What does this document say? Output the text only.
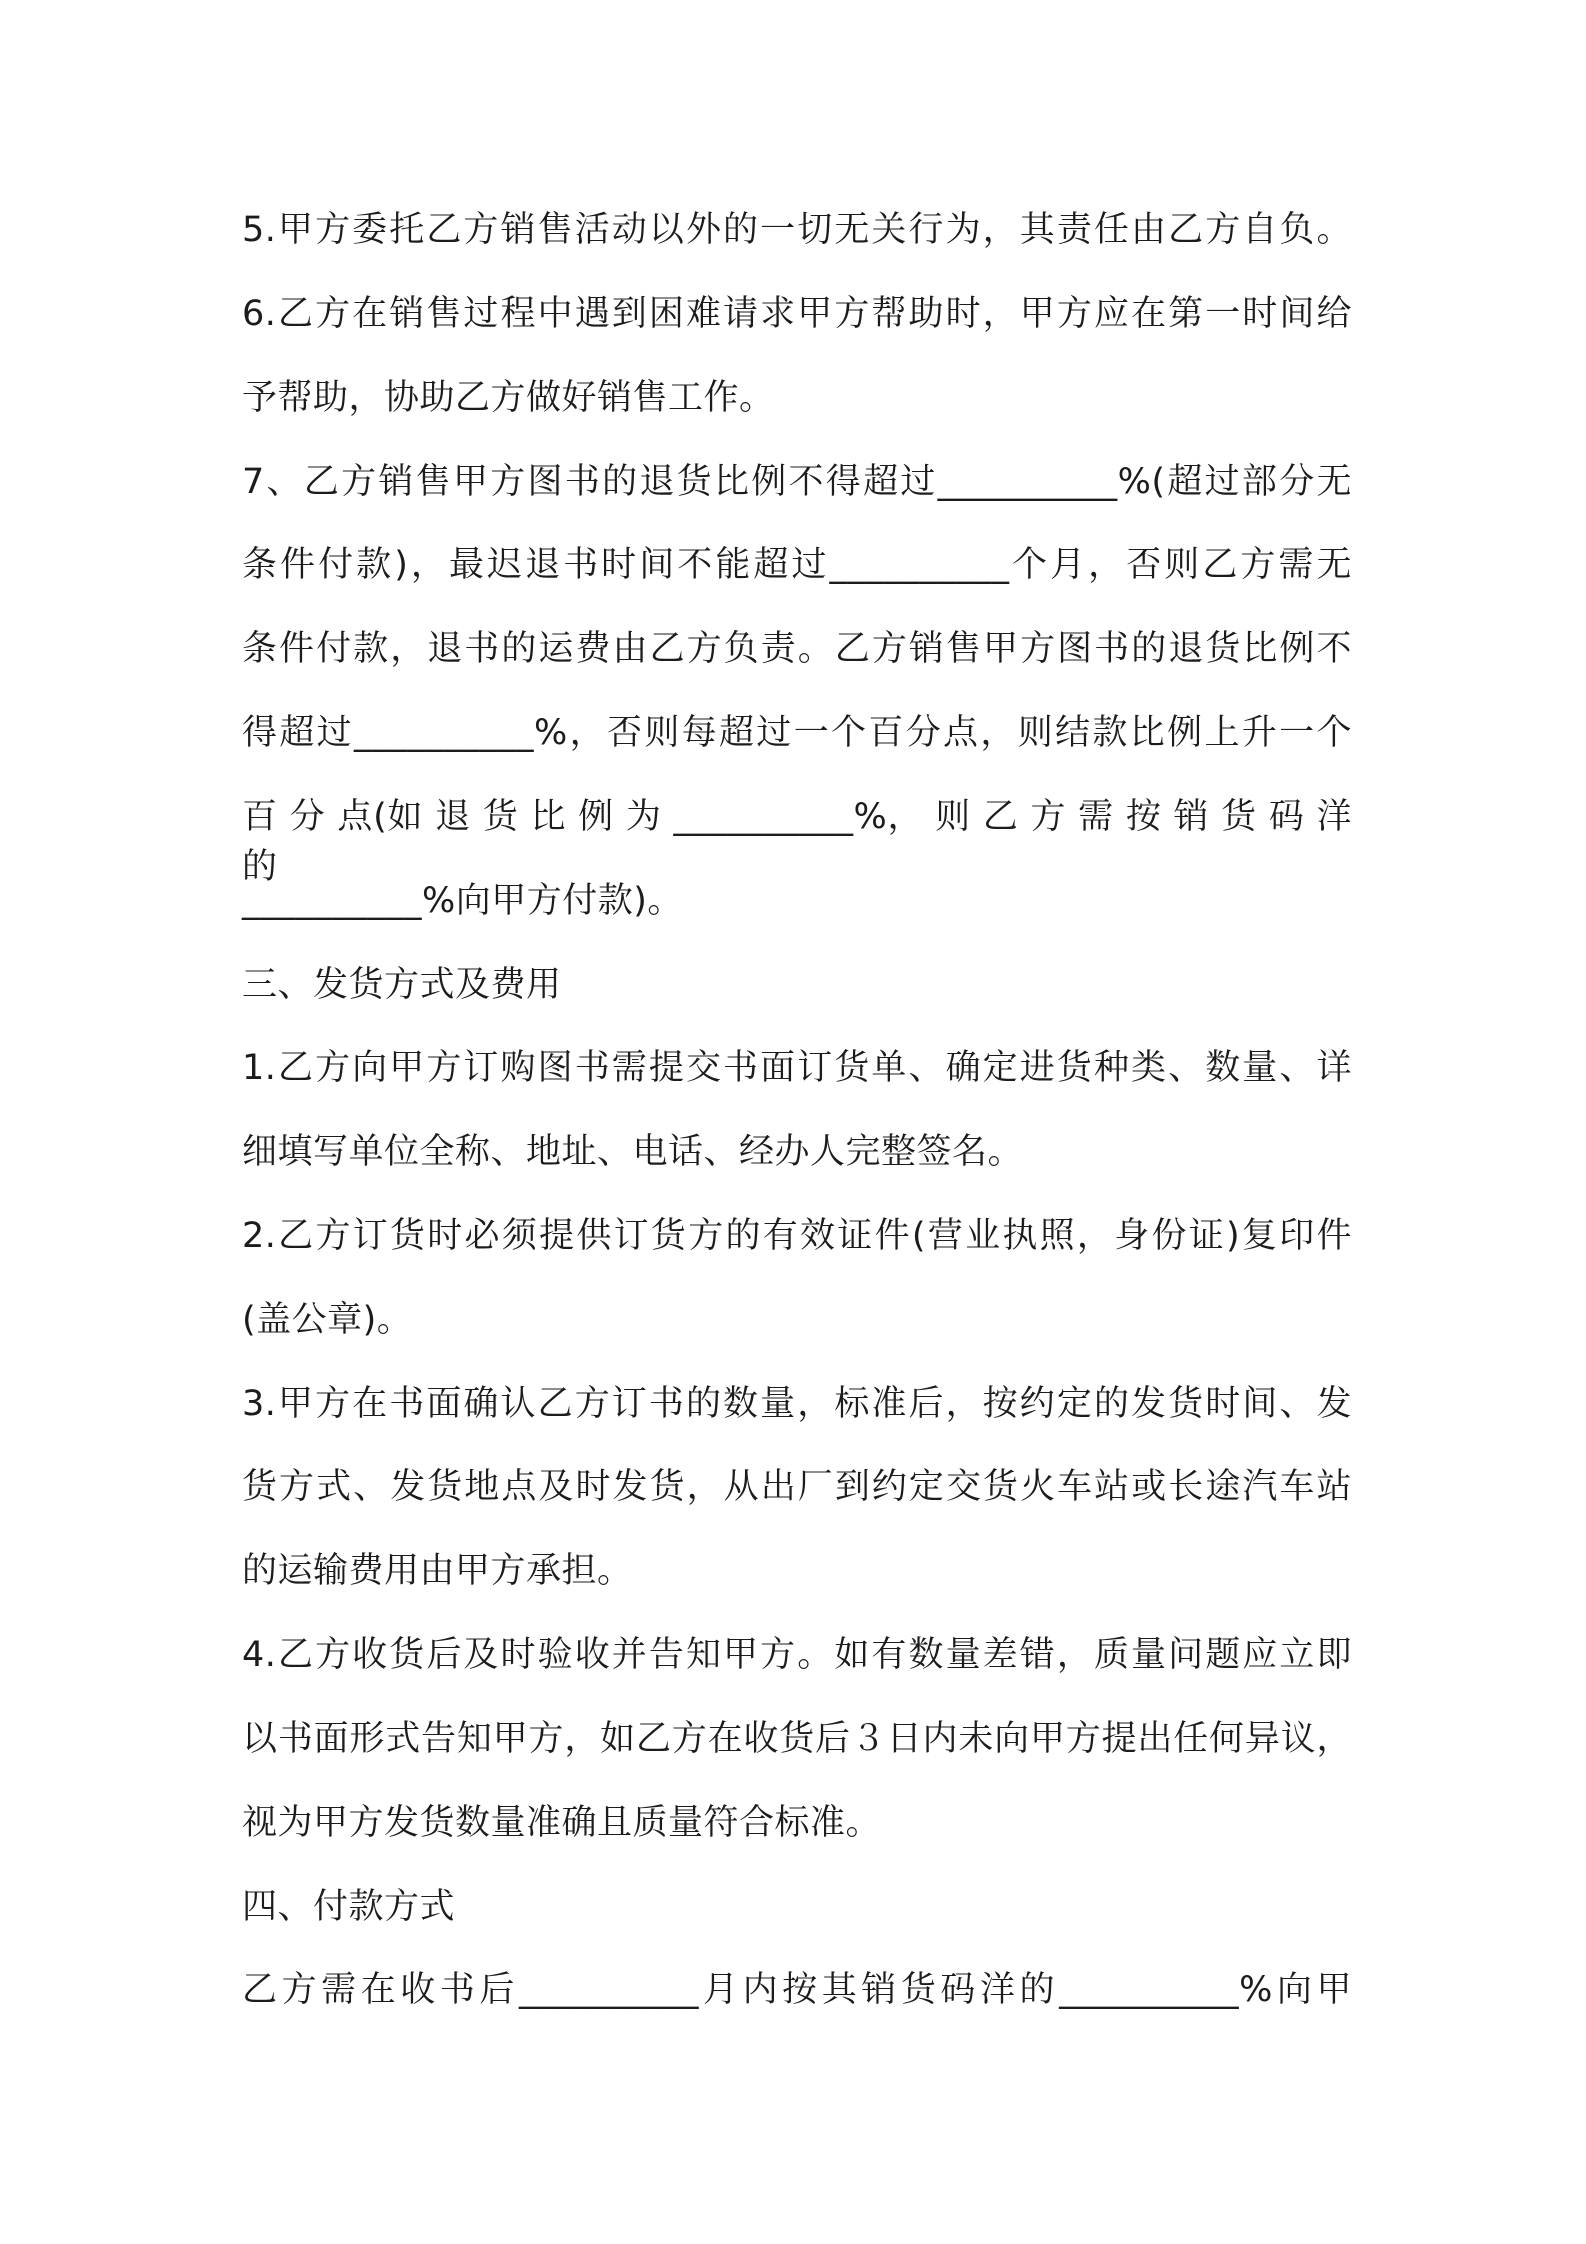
5.甲方委托乙方销售活动以外的一切无关行为，其责任由乙方自负。
6.乙方在销售过程中遇到困难请求甲方帮助时，甲方应在第一时间给
予帮助，协助乙方做好销售工作。
7、乙方销售甲方图书的退货比例不得超过__________%(超过部分无
条件付款)，最迟退书时间不能超过__________个月，否则乙方需无
条件付款，退书的运费由乙方负责。乙方销售甲方图书的退货比例不
得超过__________%，否则每超过一个百分点，则结款比例上升一个
百 分 点(如 退 货 比 例 为 __________%， 则 乙 方 需 按 销 货 码 洋 的
__________%向甲方付款)。
三、发货方式及费用
1.乙方向甲方订购图书需提交书面订货单、确定进货种类、数量、详
细填写单位全称、地址、电话、经办人完整签名。
2.乙方订货时必须提供订货方的有效证件(营业执照，身份证)复印件
(盖公章)。
3.甲方在书面确认乙方订书的数量，标准后，按约定的发货时间、发
货方式、发货地点及时发货，从出厂到约定交货火车站或长途汽车站
的运输费用由甲方承担。
4.乙方收货后及时验收并告知甲方。如有数量差错，质量问题应立即
以书面形式告知甲方，如乙方在收货后３日内未向甲方提出任何异议，
视为甲方发货数量准确且质量符合标准。
四、付款方式
乙方需在收书后__________月内按其销货码洋的__________%向甲
